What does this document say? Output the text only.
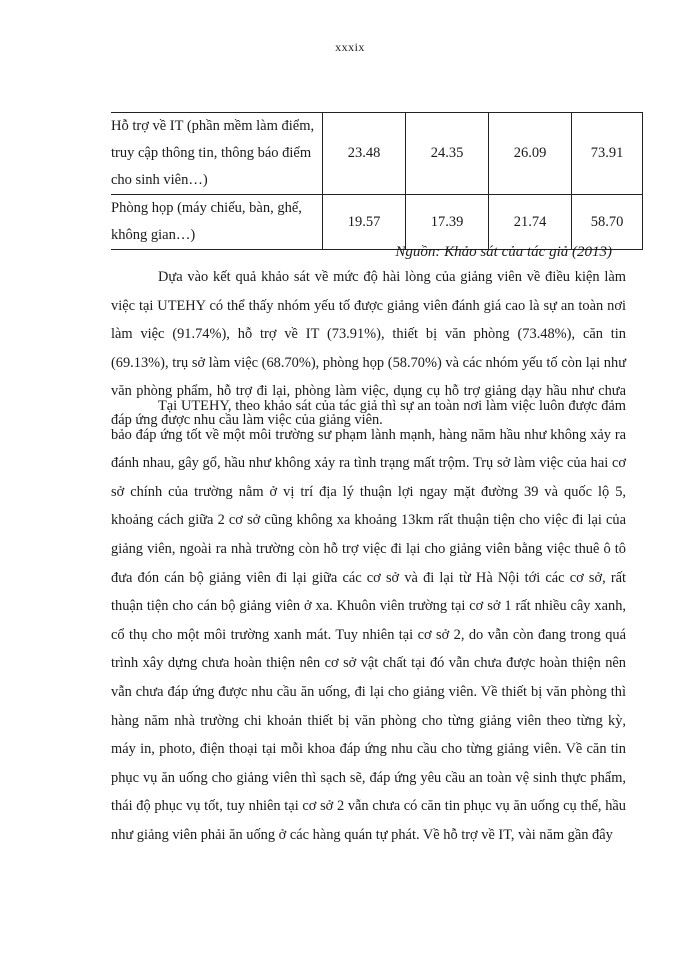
xxxix
Hỗ trợ về IT (phần mềm làm điểm, truy cập thông tin, thông báo điểm cho sinh viên…)	23.48	24.35	26.09	73.91
Phòng họp (máy chiếu, bàn, ghế, không gian…)	19.57	17.39	21.74	58.70
Nguồn: Khảo sát của tác giả (2013)

Dựa vào kết quả khảo sát về mức độ hài lòng của giảng viên về điều kiện làm việc tại UTEHY có thể thấy nhóm yếu tố được giảng viên đánh giá cao là sự an toàn nơi làm việc (91.74%), hỗ trợ về IT (73.91%), thiết bị văn phòng (73.48%), căn tin (69.13%), trụ sở làm việc (68.70%), phòng họp (58.70%) và các nhóm yếu tố còn lại như văn phòng phẩm, hỗ trợ đi lại, phòng làm việc, dụng cụ hỗ trợ giảng dạy hầu như chưa đáp ứng được nhu cầu làm việc của giảng viên.

Tại UTEHY, theo khảo sát của tác giả thì sự an toàn nơi làm việc luôn được đảm bảo đáp ứng tốt về một môi trường sư phạm lành mạnh, hàng năm hầu như không xảy ra đánh nhau, gây gổ, hầu như không xảy ra tình trạng mất trộm. Trụ sở làm việc của hai cơ sở chính của trường nằm ở vị trí địa lý thuận lợi ngay mặt đường 39 và quốc lộ 5, khoảng cách giữa 2 cơ sở cũng không xa khoảng 13km rất thuận tiện cho việc đi lại của giảng viên, ngoài ra nhà trường còn hỗ trợ việc đi lại cho giảng viên bằng việc thuê ô tô đưa đón cán bộ giảng viên đi lại giữa các cơ sở và đi lại từ Hà Nội tới các cơ sở, rất thuận tiện cho cán bộ giảng viên ở xa. Khuôn viên trường tại cơ sở 1 rất nhiều cây xanh, cổ thụ cho một môi trường xanh mát. Tuy nhiên tại cơ sở 2, do vẫn còn đang trong quá trình xây dựng chưa hoàn thiện nên cơ sở vật chất tại đó vẫn chưa được hoàn thiện nên vẫn chưa đáp ứng được nhu cầu ăn uống, đi lại cho giảng viên. Về thiết bị văn phòng thì hàng năm nhà trường chi khoản thiết bị văn phòng cho từng giảng viên theo từng kỳ, máy in, photo, điện thoại tại mỗi khoa đáp ứng nhu cầu cho từng giảng viên. Về căn tin phục vụ ăn uống cho giảng viên thì sạch sẽ, đáp ứng yêu cầu an toàn vệ sinh thực phẩm, thái độ phục vụ tốt, tuy nhiên tại cơ sở 2 vẫn chưa có căn tin phục vụ ăn uống cụ thể, hầu như giảng viên phải ăn uống ở các hàng quán tự phát. Về hỗ trợ về IT, vài năm gần đây
